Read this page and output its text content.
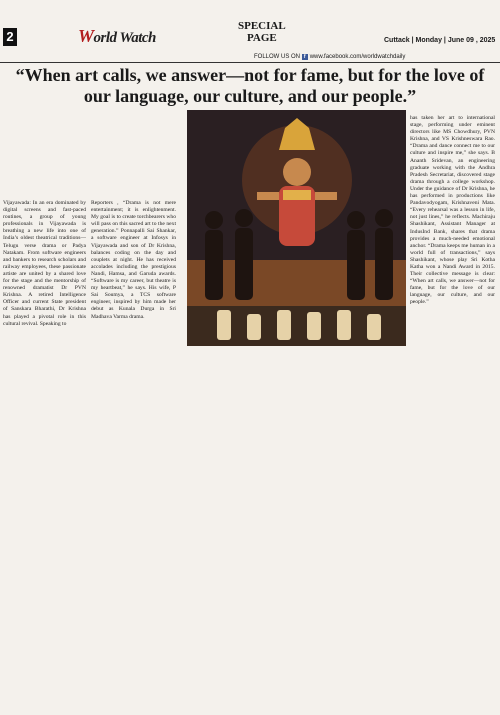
2	World Watch
SPECIAL
PAGE	Cuttack | Monday | June 09 , 2025
FOLLOW US ON f www.facebook.com/worldwatchdaily
“When art calls, we answer—not for fame, but for the love of our language, our culture, and our people.”
has taken her art to international stage, performing under eminent directors like MS Chowdhury, PVN Krishna, and VS Krishneswara Rao. “Drama and dance connect me to our culture and inspire me,” she says. B Ananth Sridevan, an engineering graduate working with the Andhra Pradesh Secretariat, discovered stage drama through a college workshop. Under the guidance of Dr Krishna, he has performed in productions like Pandavodyogam, Krishnaveni Mata. “Every rehearsal was a lesson in life, not just lines,” he reflects. Machiraju Shashikant, Assistant Manager at IndusInd Bank, shares that drama provides a much-needed emotional anchor. “Drama keeps me human in a world full of transactions,” says Shashikant, whose play Sri Kotha Katha won a Nandi Award in 2015. Their collective message is clear: “When art calls, we answer—not for fame, but for the love of our language, our culture, and our people.”
Vijayawada: In an era dominated by digital screens and fast-paced routines, a group of young professionals in Vijayawada is breathing a new life into one of India’s oldest theatrical traditions—Telugu verse drama or Padya Natakam. From software engineers and bankers to research scholars and railway employees, these passionate artiste are united by a shared love for the stage and the mentorship of renowned dramatist Dr PVN Krishna. A retired Intelligence Officer and current State president of Sanskara Bharathi, Dr Krishna has played a pivotal role in this cultural revival. Speaking to
Reporters , “Drama is not mere entertainment; it is enlightenment. My goal is to create torchbearers who will pass on this sacred art to the next generation.” Ponnapalli Sai Shankar, a software engineer at Infosys in Vijayawada and son of Dr Krishna, balances coding on the day and couplets at night. He has received accolades including the prestigious Nandi, Hamsa, and Garuda awards. “Software is my career, but theatre is my heartbeat,” he says. His wife, P Sai Soumya, a TCS software engineer, inspired by him made her debut as Kunala Durga in Sri Madhava Varma drama.
